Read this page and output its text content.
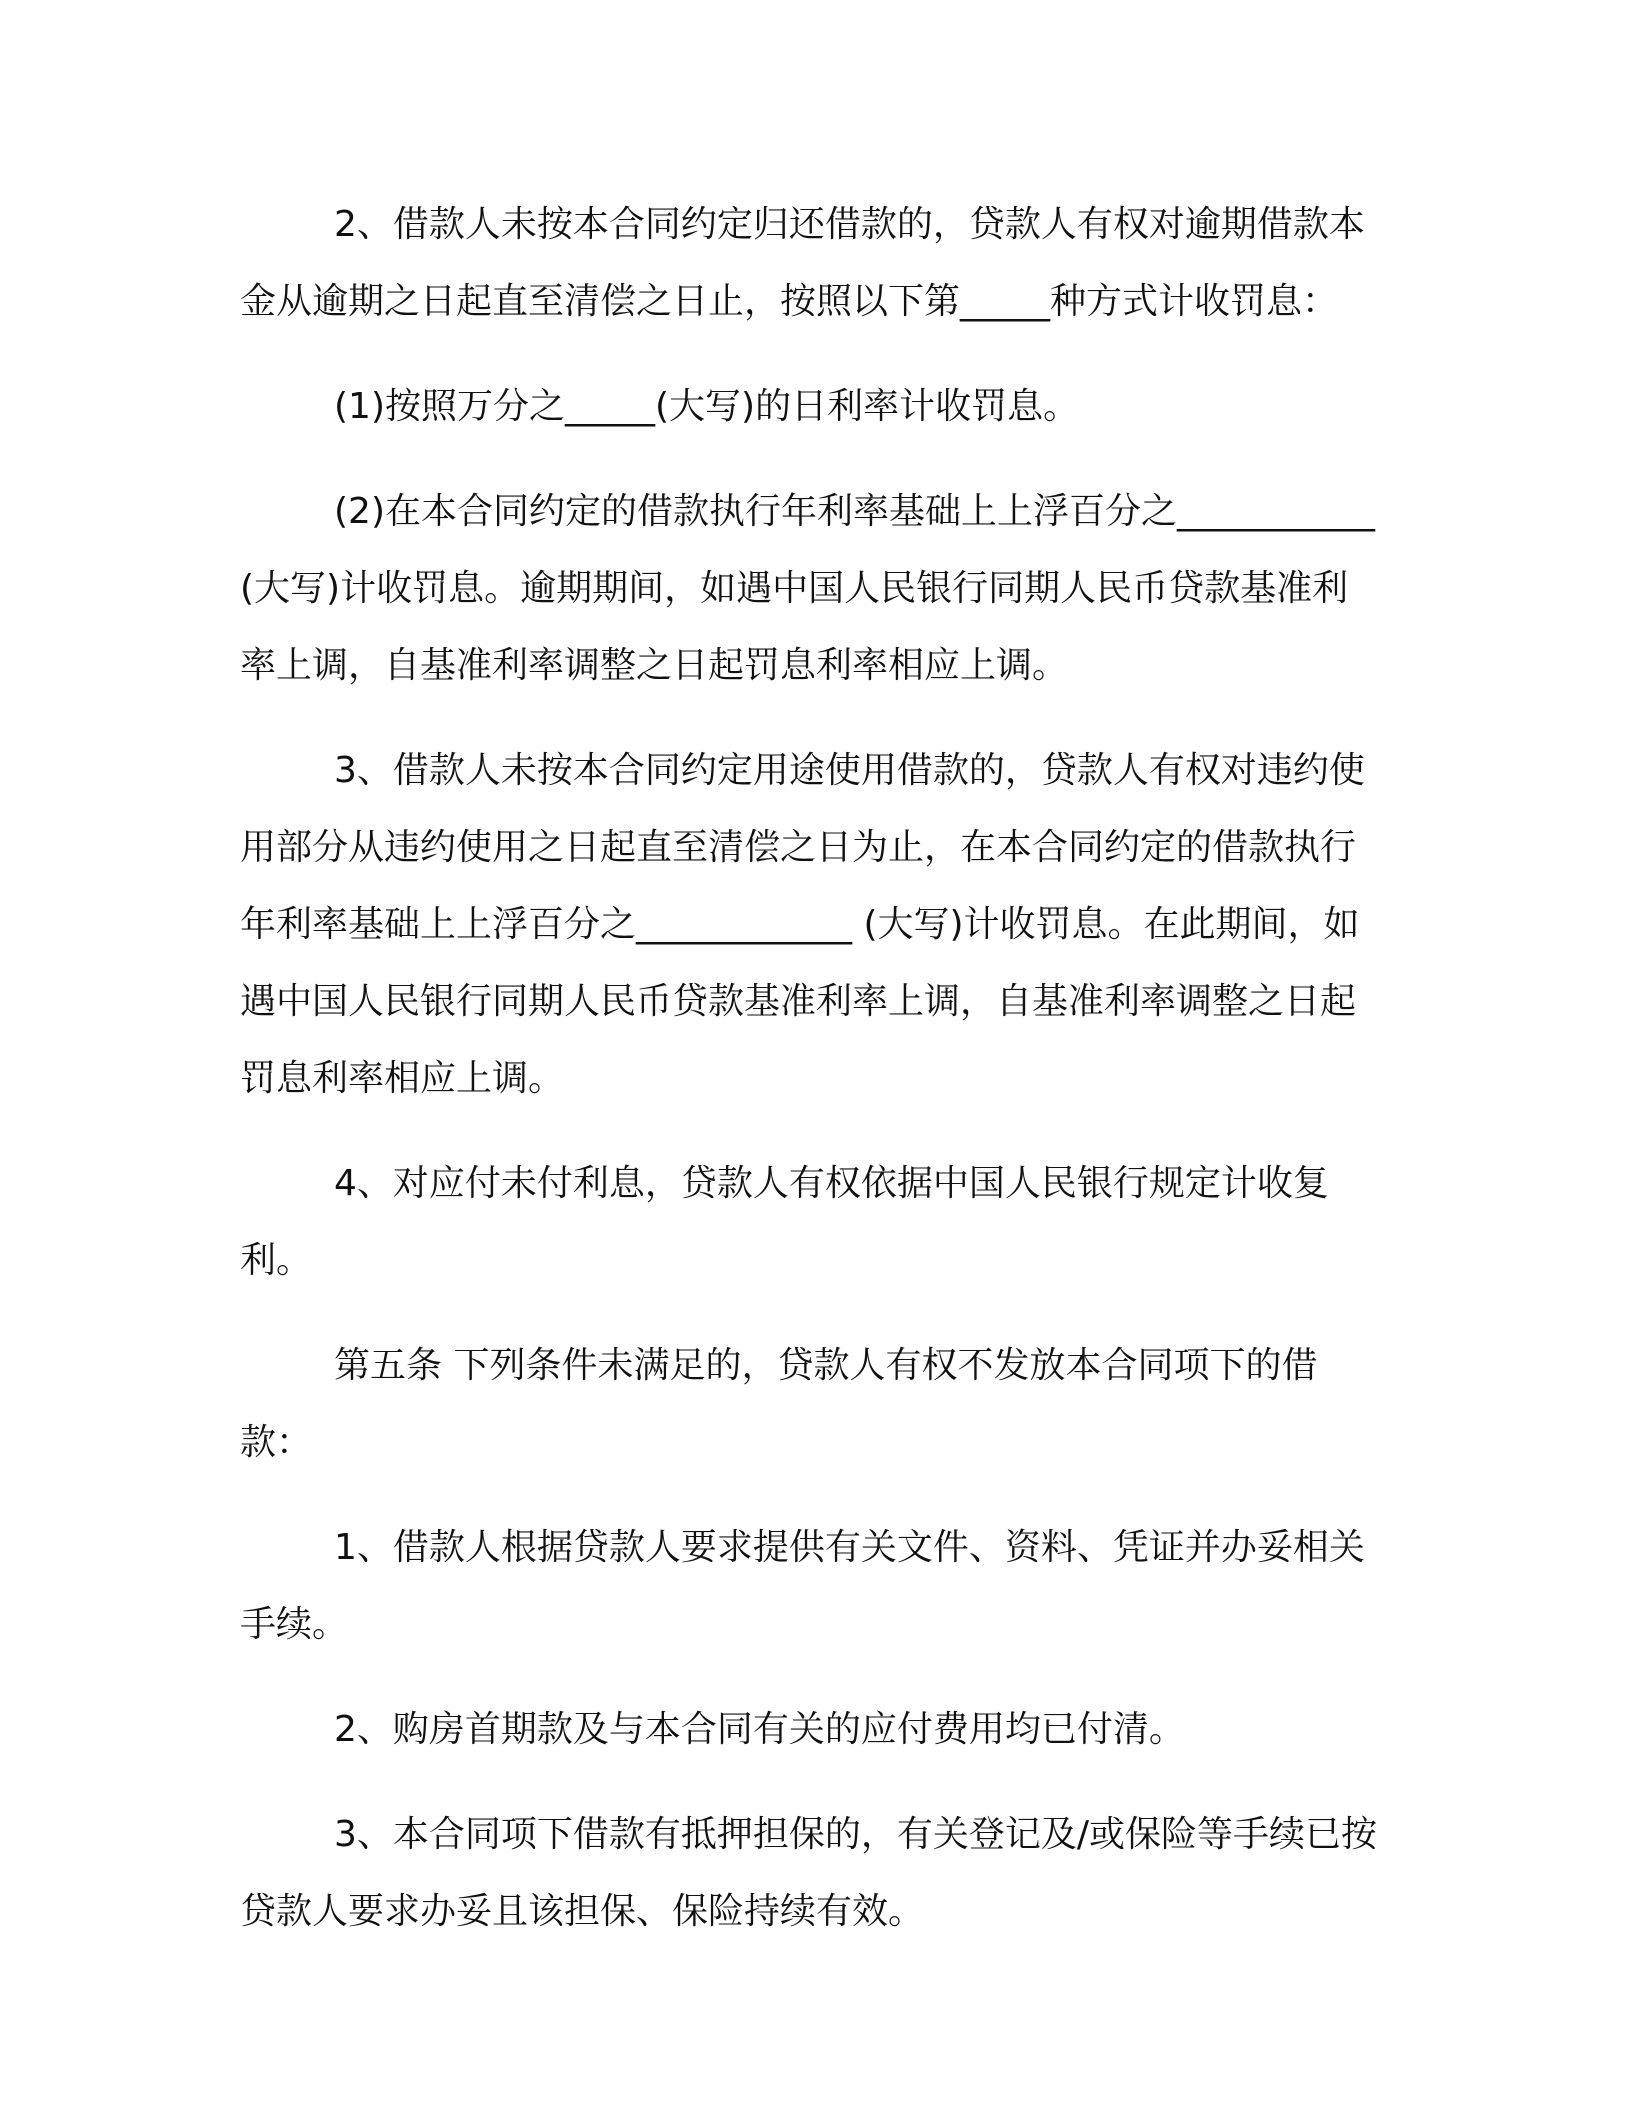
2、借款人未按本合同约定归还借款的，贷款人有权对逾期借款本金从逾期之日起直至清偿之日止，按照以下第_____种方式计收罚息：

(1)按照万分之_____(大写)的日利率计收罚息。

(2)在本合同约定的借款执行年利率基础上上浮百分之___________(大写)计收罚息。逾期期间，如遇中国人民银行同期人民币贷款基准利率上调，自基准利率调整之日起罚息利率相应上调。

3、借款人未按本合同约定用途使用借款的，贷款人有权对违约使用部分从违约使用之日起直至清偿之日为止，在本合同约定的借款执行年利率基础上上浮百分之____________ (大写)计收罚息。在此期间，如遇中国人民银行同期人民币贷款基准利率上调，自基准利率调整之日起罚息利率相应上调。

4、对应付未付利息，贷款人有权依据中国人民银行规定计收复利。

第五条 下列条件未满足的，贷款人有权不发放本合同项下的借款：

1、借款人根据贷款人要求提供有关文件、资料、凭证并办妥相关手续。

2、购房首期款及与本合同有关的应付费用均已付清。

3、本合同项下借款有抵押担保的，有关登记及/或保险等手续已按贷款人要求办妥且该担保、保险持续有效。
